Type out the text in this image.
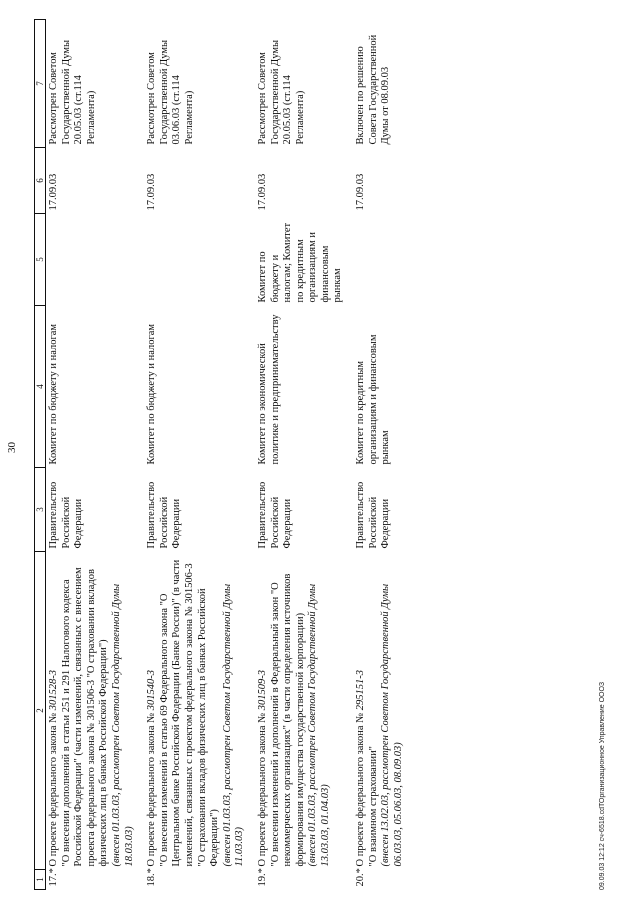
30
1	2	3	4	5	6	7
17.*	О проекте федерального закона № 301528-3 "О внесении дополнений в статьи 251 и 291 Налогового кодекса Российской Федерации" (части изменений, связанных с внесением проекта федерального закона № 301506-3 "О страховании вкладов физических лиц в банках Российской Федерации") (внесен 01.03.03, рассмотрен Советом Государственной Думы 18.03.03)	Правительство Российской Федерации	Комитет по бюджету и налогам		17.09.03	Рассмотрен Советом Государственной Думы 20.05.03 (ст.114 Регламента)
18.*	О проекте федерального закона № 301540-3 "О внесении изменений в статью 69 Федерального закона "О Центральном банке Российской Федерации (Банке России)" (в части изменений, связанных с проектом федерального закона № 301506-3 "О страховании вкладов физических лиц в банках Российской Федерации") (внесен 01.03.03, рассмотрен Советом Государственной Думы 11.03.03)	Правительство Российской Федерации	Комитет по бюджету и налогам		17.09.03	Рассмотрен Советом Государственной Думы 03.06.03 (ст.114 Регламента)
19.*	О проекте федерального закона № 301509-3 "О внесении изменений и дополнений в Федеральный закон "О некоммерческих организациях" (в части определения источников формирования имущества государственной корпорации) (внесен 01.03.03, рассмотрен Советом Государственной Думы 13.03.03, 01.04.03)	Правительство Российской Федерации	Комитет по экономической политике и предпринимательству	Комитет по бюджету и налогам; Комитет по кредитным организациям и финансовым рынкам	17.09.03	Рассмотрен Советом Государственной Думы 20.05.03 (ст.114 Регламента)
20.*	О проекте федерального закона № 295151-3
"О взаимном страховании" (внесен 13.02.03, рассмотрен Советом Государственной Думы 06.03.03, 05.06.03, 08.09.03)	Правительство Российской Федерации	Комитет по кредитным организациям и финансовым рынкам		17.09.03	Включен по решению Совета Государственной Думы от 08.09.03
09.09.03 12:12 сч-6518.cdТОрганизационное Управление ОООЗ
